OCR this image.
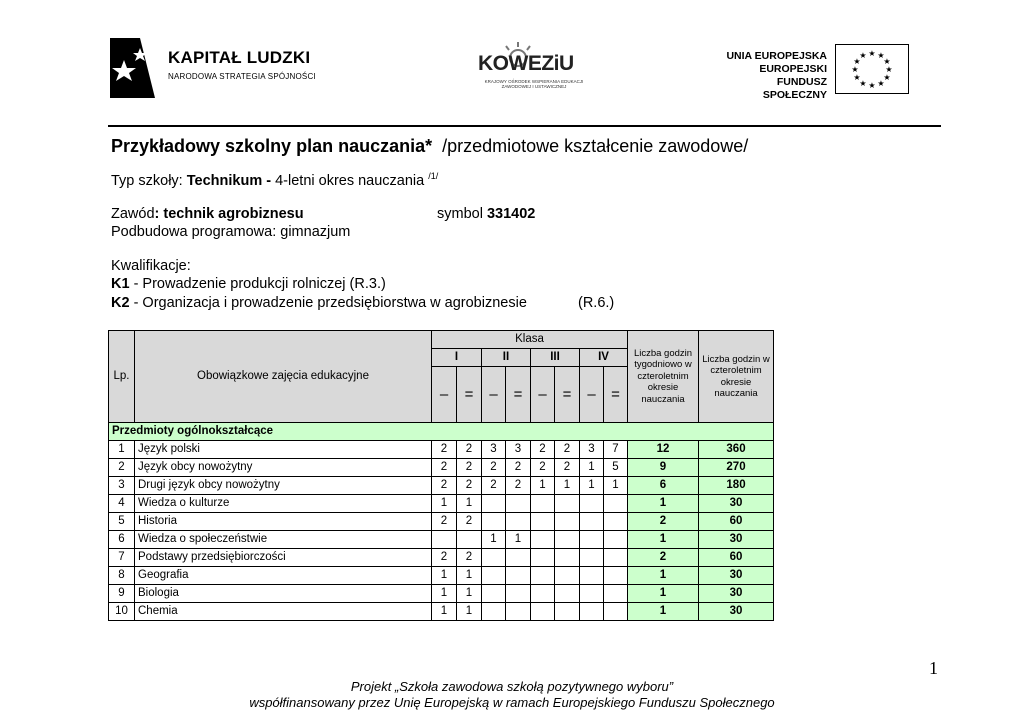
KAPITAŁ LUDZKI
NARODOWA STRATEGIA SPÓJNOŚCI
KOWEZiU
KRAJOWY OŚRODEK WSPIERANIA EDUKACJI ZAWODOWEJ I USTAWICZNEJ
UNIA EUROPEJSKA
EUROPEJSKI
FUNDUSZ SPOŁECZNY
★ ★
★
★
★
★
★
★
★
★
★
★
Przykładowy szkolny plan nauczania* /przedmiotowe kształcenie zawodowe/
Typ szkoły: Technikum - 4-letni okres nauczania $^{/1/}$
Zawód: technik agrobiznesu	symbol 331402
Podbudowa programowa: gimnazjum
Kwalifikacje:
K1 - Prowadzenie produkcji rolniczej (R.3.)
K2 - Organizacja i prowadzenie przedsiębiorstwa w agrobiznesie	(R.6.)
Lp.	Obowiązkowe zajęcia edukacyjne	Klasa								Liczba godzin tygodniowo w czteroletnim okresie nauczania	Liczba godzin w czteroletnim okresie nauczania
		I		II		III		IV			
		–	=	–	=	–	=	–	=		
Przedmioty ogólnokształcące											
1	Język polski	2	2	3	3	2	2	3	7	12	360
2	Język obcy nowożytny	2	2	2	2	2	2	1	5	9	270
3	Drugi język obcy nowożytny	2	2	2	2	1	1	1	1	6	180
4	Wiedza o kulturze	1	1							1	30
5	Historia	2	2							2	60
6	Wiedza o społeczeństwie			1	1					1	30
7	Podstawy przedsiębiorczości	2	2							2	60
8	Geografia	1	1							1	30
9	Biologia	1	1							1	30
10	Chemia	1	1							1	30
1
Projekt „Szkoła zawodowa szkołą pozytywnego wyboru”
współfinansowany przez Unię Europejską w ramach Europejskiego Funduszu Społecznego
